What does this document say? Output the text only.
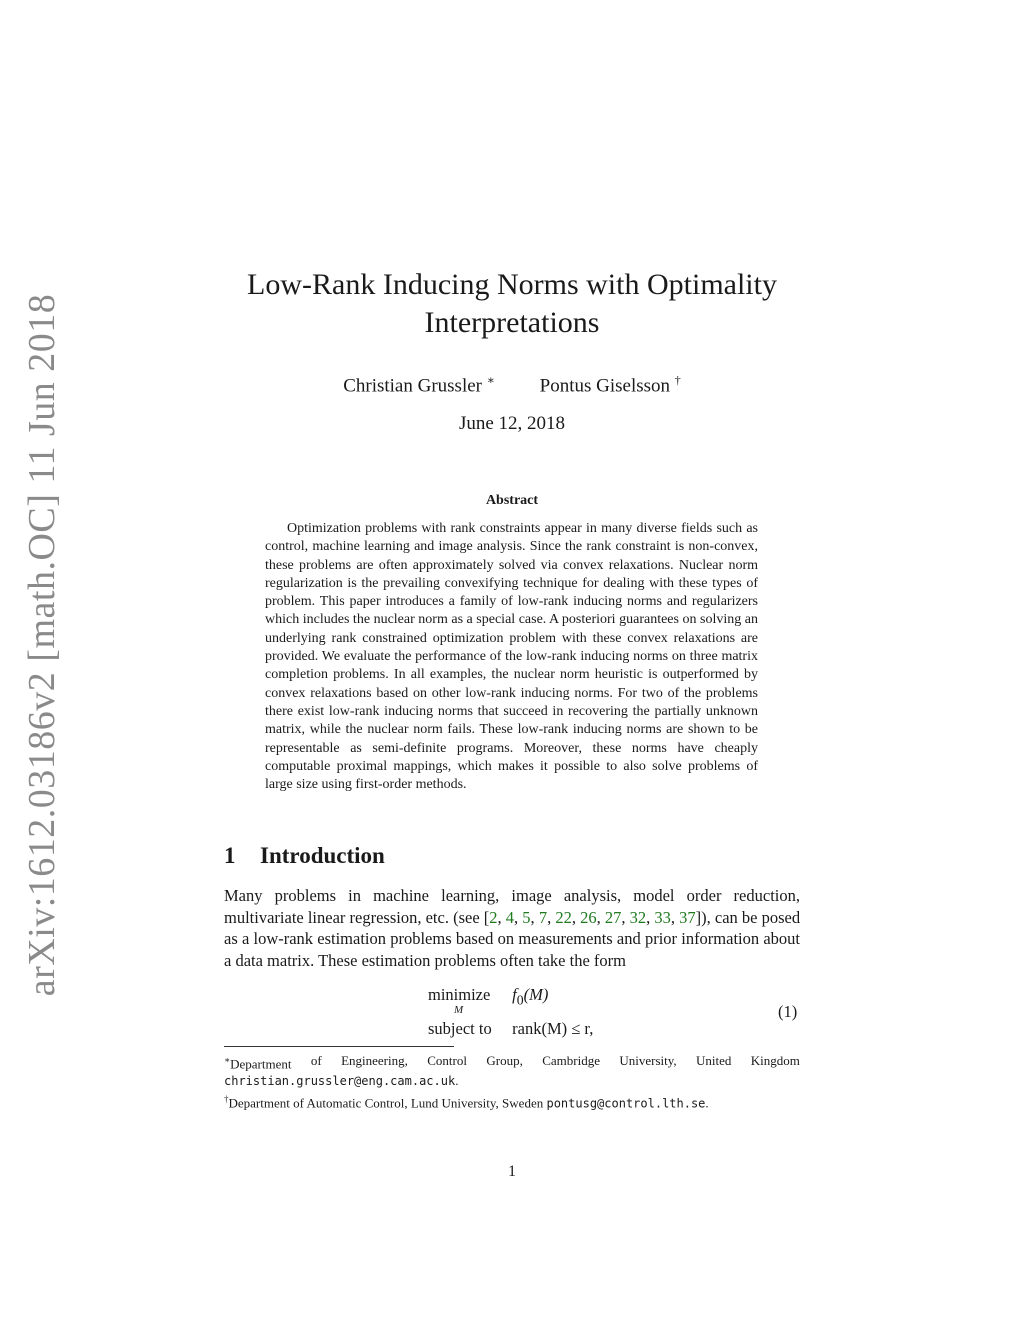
arXiv:1612.03186v2 [math.OC] 11 Jun 2018
Low-Rank Inducing Norms with Optimality
Interpretations
Christian Grussler ∗ Pontus Giselsson †
June 12, 2018
Abstract
Optimization problems with rank constraints appear in many diverse fields such as control, machine learning and image analysis. Since the rank constraint is non-convex, these problems are often approximately solved via convex relaxations. Nuclear norm regularization is the prevailing convexifying technique for dealing with these types of problem. This paper introduces a family of low-rank inducing norms and regularizers which includes the nuclear norm as a special case. A posteriori guarantees on solving an underlying rank constrained optimization problem with these convex relaxations are provided. We evaluate the performance of the low-rank inducing norms on three matrix completion problems. In all examples, the nuclear norm heuristic is outperformed by convex relaxations based on other low-rank inducing norms. For two of the problems there exist low-rank inducing norms that succeed in recovering the partially unknown matrix, while the nuclear norm fails. These low-rank inducing norms are shown to be representable as semi-definite programs. Moreover, these norms have cheaply computable proximal mappings, which makes it possible to also solve problems of large size using first-order methods.
1 Introduction
Many problems in machine learning, image analysis, model order reduction, multivariate linear regression, etc. (see [2, 4, 5, 7, 22, 26, 27, 32, 33, 37]), can be posed as a low-rank estimation problems based on measurements and prior information about a data matrix. These estimation problems often take the form
minimize
M
$f_0(M)$
subject to rank(M) ≤ r,
(1)
∗Department of Engineering, Control Group, Cambridge University, United Kingdom
christian.grussler@eng.cam.ac.uk.
†Department of Automatic Control, Lund University, Sweden pontusg@control.lth.se.
1
